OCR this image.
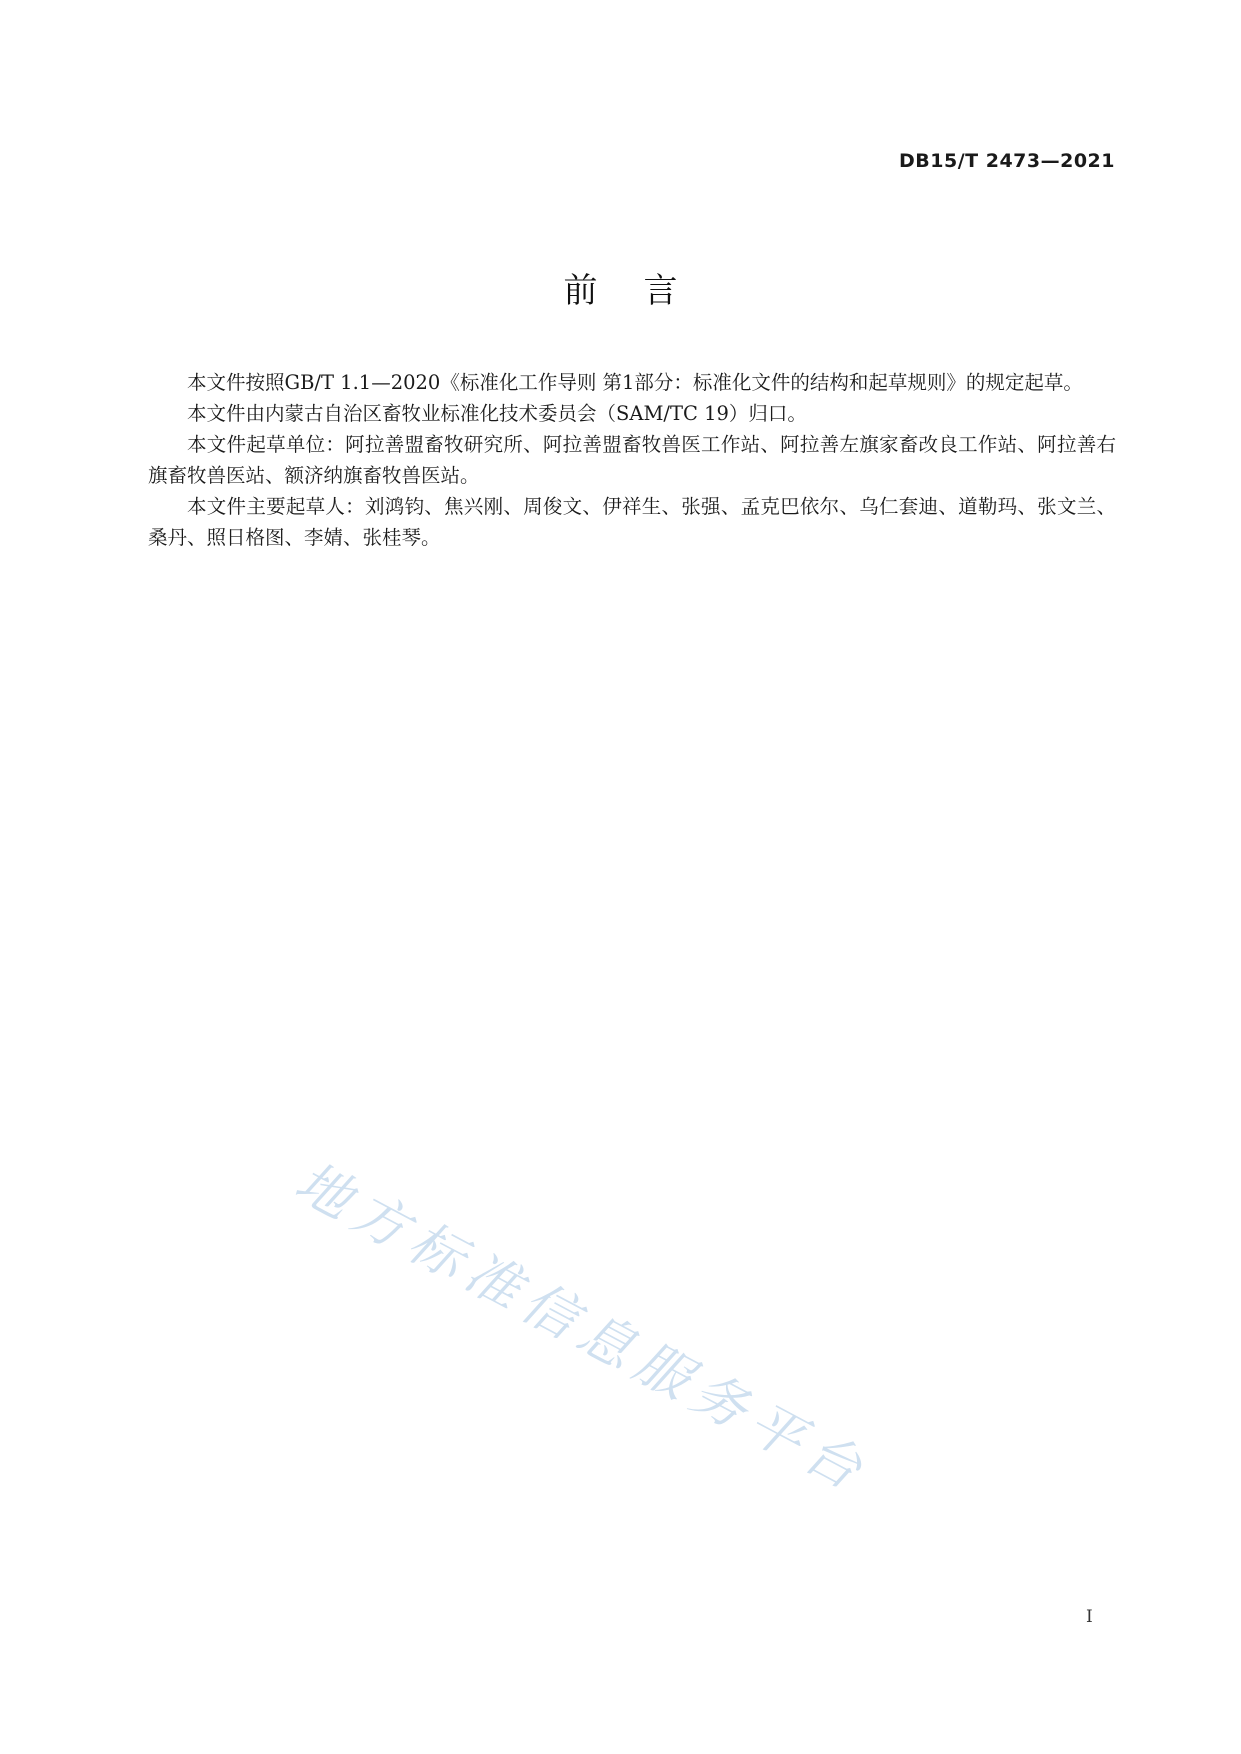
DB15/T 2473—2021
前言

本文件按照GB/T 1.1—2020《标准化工作导则 第1部分：标准化文件的结构和起草规则》的规定起草。

本文件由内蒙古自治区畜牧业标准化技术委员会（SAM/TC 19）归口。

本文件起草单位：阿拉善盟畜牧研究所、阿拉善盟畜牧兽医工作站、阿拉善左旗家畜改良工作站、阿拉善右旗畜牧兽医站、额济纳旗畜牧兽医站。

本文件主要起草人：刘鸿钧、焦兴刚、周俊文、伊祥生、张强、孟克巴依尔、乌仁套迪、道勒玛、张文兰、桑丹、照日格图、李婧、张桂琴。

地方标准信息服务平台
I
